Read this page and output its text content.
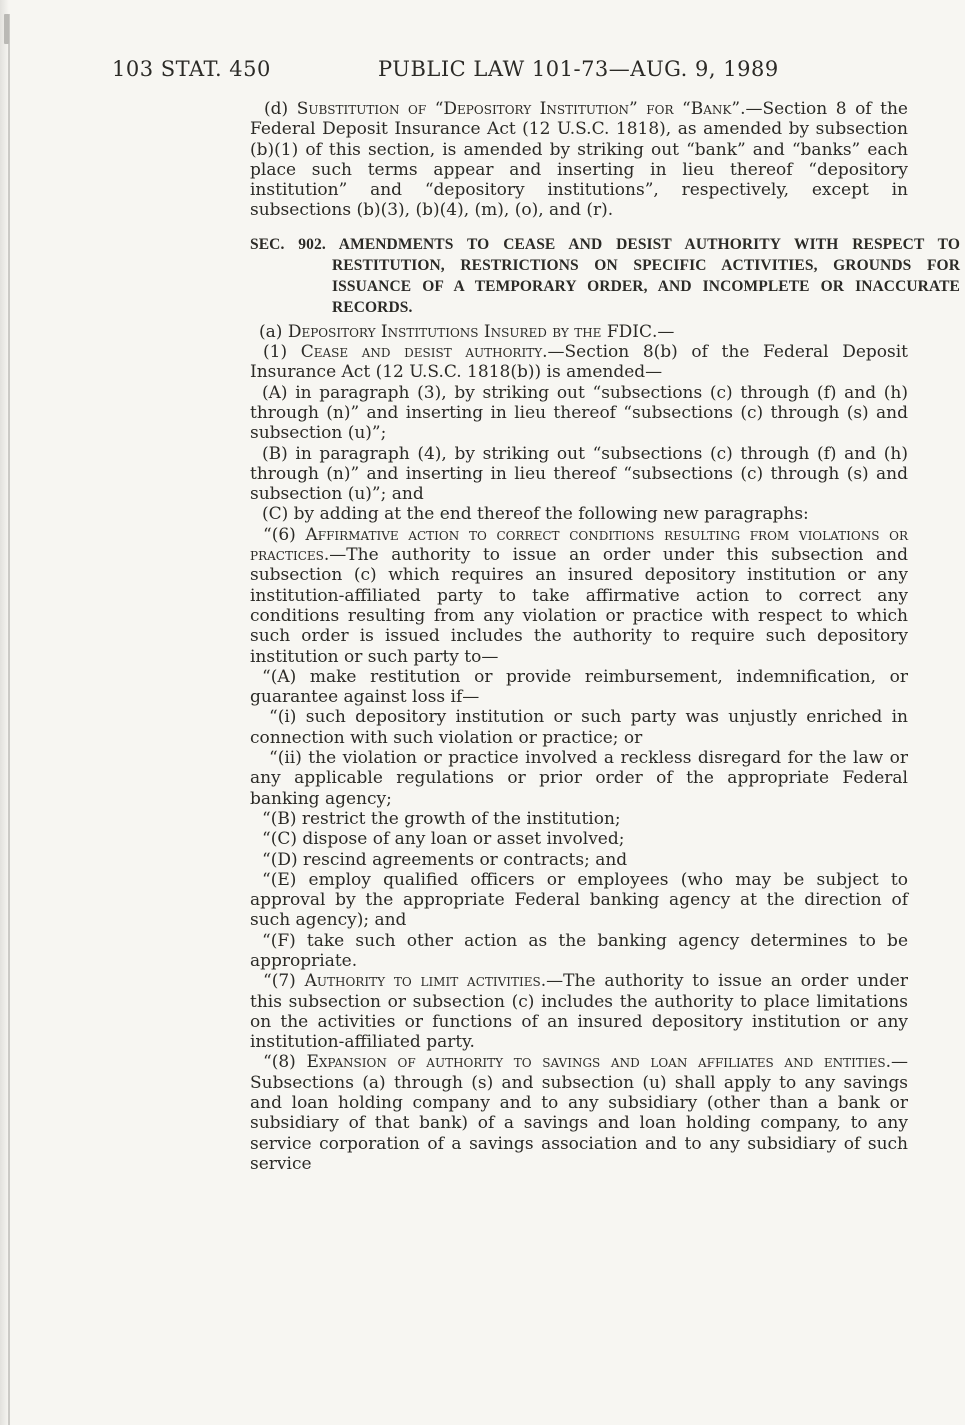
103 STAT. 450	PUBLIC LAW 101-73—AUG. 9, 1989

(d) Substitution of “Depository Institution” for “Bank”.—Section 8 of the Federal Deposit Insurance Act (12 U.S.C. 1818), as amended by subsection (b)(1) of this section, is amended by striking out “bank” and “banks” each place such terms appear and inserting in lieu thereof “depository institution” and “depository institutions”, respectively, except in subsections (b)(3), (b)(4), (m), (o), and (r).

SEC. 902. AMENDMENTS TO CEASE AND DESIST AUTHORITY WITH RESPECT TO RESTITUTION, RESTRICTIONS ON SPECIFIC ACTIVITIES, GROUNDS FOR ISSUANCE OF A TEMPORARY ORDER, AND INCOMPLETE OR INACCURATE RECORDS.

(a) Depository Institutions Insured by the FDIC.—

(1) Cease and desist authority.—Section 8(b) of the Federal Deposit Insurance Act (12 U.S.C. 1818(b)) is amended—

(A) in paragraph (3), by striking out “subsections (c) through (f) and (h) through (n)” and inserting in lieu thereof “subsections (c) through (s) and subsection (u)”;

(B) in paragraph (4), by striking out “subsections (c) through (f) and (h) through (n)” and inserting in lieu thereof “subsections (c) through (s) and subsection (u)”; and

(C) by adding at the end thereof the following new paragraphs:

“(6) Affirmative action to correct conditions resulting from violations or practices.—The authority to issue an order under this subsection and subsection (c) which requires an insured depository institution or any institution-affiliated party to take affirmative action to correct any conditions resulting from any violation or practice with respect to which such order is issued includes the authority to require such depository institution or such party to—

“(A) make restitution or provide reimbursement, indemnification, or guarantee against loss if—

“(i) such depository institution or such party was unjustly enriched in connection with such violation or practice; or

“(ii) the violation or practice involved a reckless disregard for the law or any applicable regulations or prior order of the appropriate Federal banking agency;

“(B) restrict the growth of the institution;

“(C) dispose of any loan or asset involved;

“(D) rescind agreements or contracts; and

“(E) employ qualified officers or employees (who may be subject to approval by the appropriate Federal banking agency at the direction of such agency); and

“(F) take such other action as the banking agency determines to be appropriate.

“(7) Authority to limit activities.—The authority to issue an order under this subsection or subsection (c) includes the authority to place limitations on the activities or functions of an insured depository institution or any institution-affiliated party.

“(8) Expansion of authority to savings and loan affiliates and entities.—Subsections (a) through (s) and subsection (u) shall apply to any savings and loan holding company and to any subsidiary (other than a bank or subsidiary of that bank) of a savings and loan holding company, to any service corporation of a savings association and to any subsidiary of such service
